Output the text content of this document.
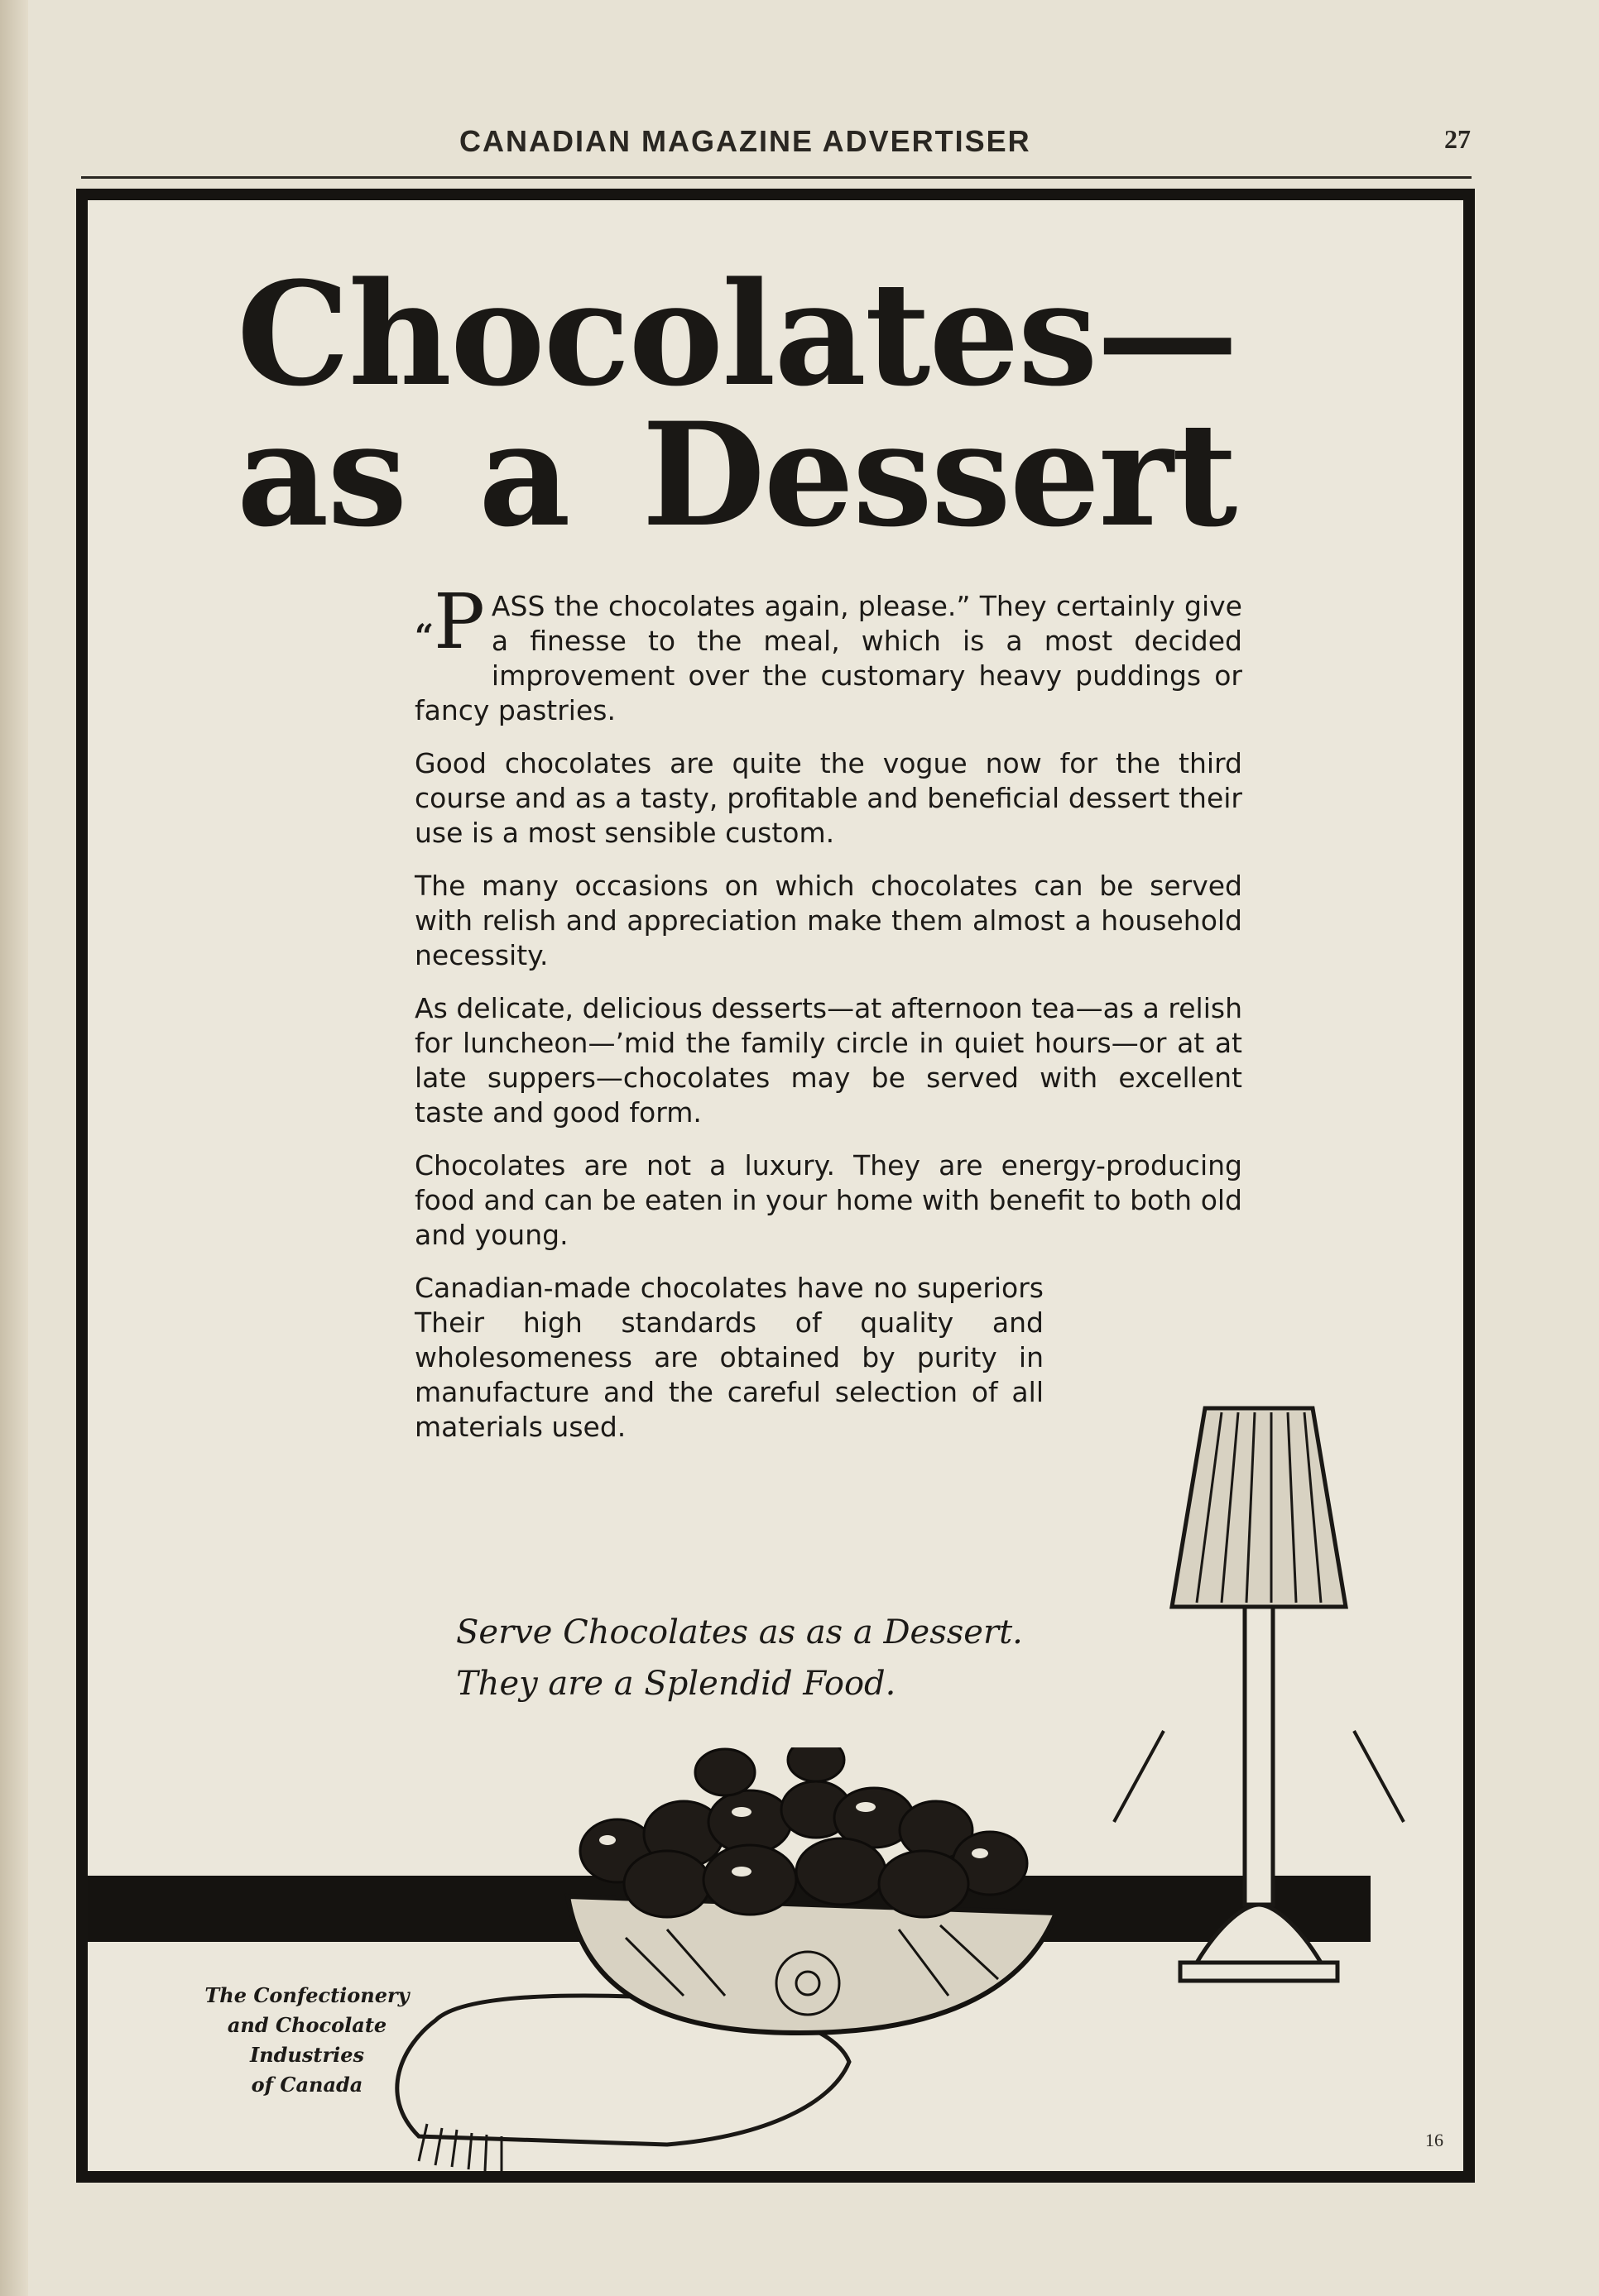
CANADIAN MAGAZINE ADVERTISER	27
Chocolates—
as a Dessert

“P ASS the chocolates again, please.” They certainly give a finesse to the meal, which is a most decided improvement over the customary heavy puddings or fancy pastries.

Good chocolates are quite the vogue now for the third course and as a tasty, profitable and beneficial dessert their use is a most sensible custom.

The many occasions on which chocolates can be served with relish and appreciation make them almost a household necessity.

As delicate, delicious desserts—at afternoon tea—as a relish for luncheon—’mid the family circle in quiet hours—or at at late suppers—chocolates may be served with excellent taste and good form.

Chocolates are not a luxury. They are energy-producing food and can be eaten in your home with benefit to both old and young.

Canadian-made chocolates have no superiors Their high standards of quality and wholesomeness are obtained by purity in manufacture and the careful selection of all materials used.

Serve Chocolates as as a Dessert.
They are a Splendid Food.
The Confectionery
and Chocolate
Industries
of Canada
16
